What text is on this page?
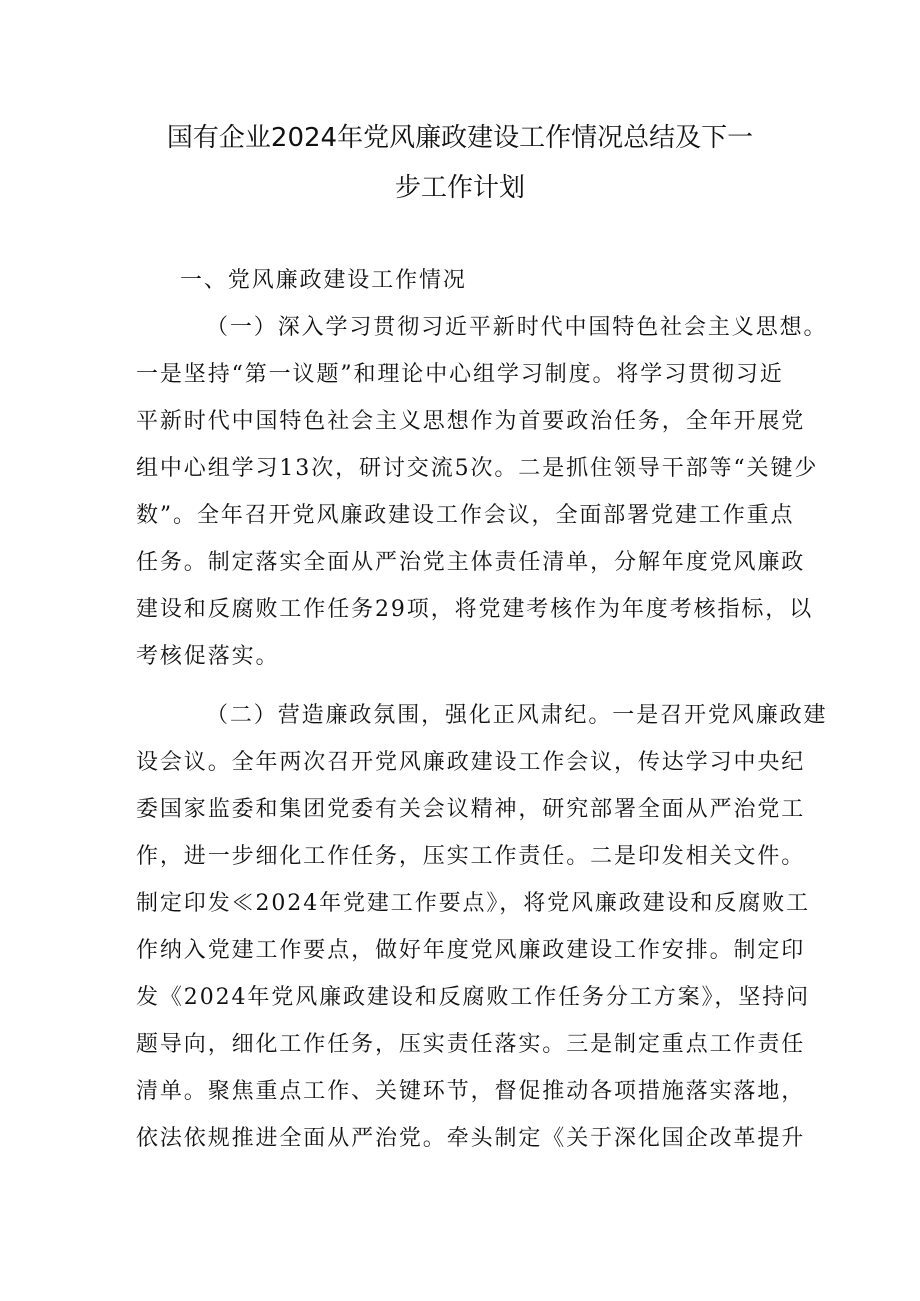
国有企业2024年党风廉政建设工作情况总结及下一
步工作计划
一、党风廉政建设工作情况
（一）深入学习贯彻习近平新时代中国特色社会主义思想。
一是坚持“第一议题”和理论中心组学习制度。将学习贯彻习近
平新时代中国特色社会主义思想作为首要政治任务，全年开展党
组中心组学习13次，研讨交流5次。二是抓住领导干部等“关键少
数”。全年召开党风廉政建设工作会议，全面部署党建工作重点
任务。制定落实全面从严治党主体责任清单，分解年度党风廉政
建设和反腐败工作任务29项，将党建考核作为年度考核指标，以
考核促落实。
（二）营造廉政氛围，强化正风肃纪。一是召开党风廉政建
设会议。全年两次召开党风廉政建设工作会议，传达学习中央纪
委国家监委和集团党委有关会议精神，研究部署全面从严治党工
作，进一步细化工作任务，压实工作责任。二是印发相关文件。
制定印发≪2024年党建工作要点》，将党风廉政建设和反腐败工
作纳入党建工作要点，做好年度党风廉政建设工作安排。制定印
发《2024年党风廉政建设和反腐败工作任务分工方案》，坚持问
题导向，细化工作任务，压实责任落实。三是制定重点工作责任
清单。聚焦重点工作、关键环节，督促推动各项措施落实落地，
依法依规推进全面从严治党。牵头制定《关于深化国企改革提升
